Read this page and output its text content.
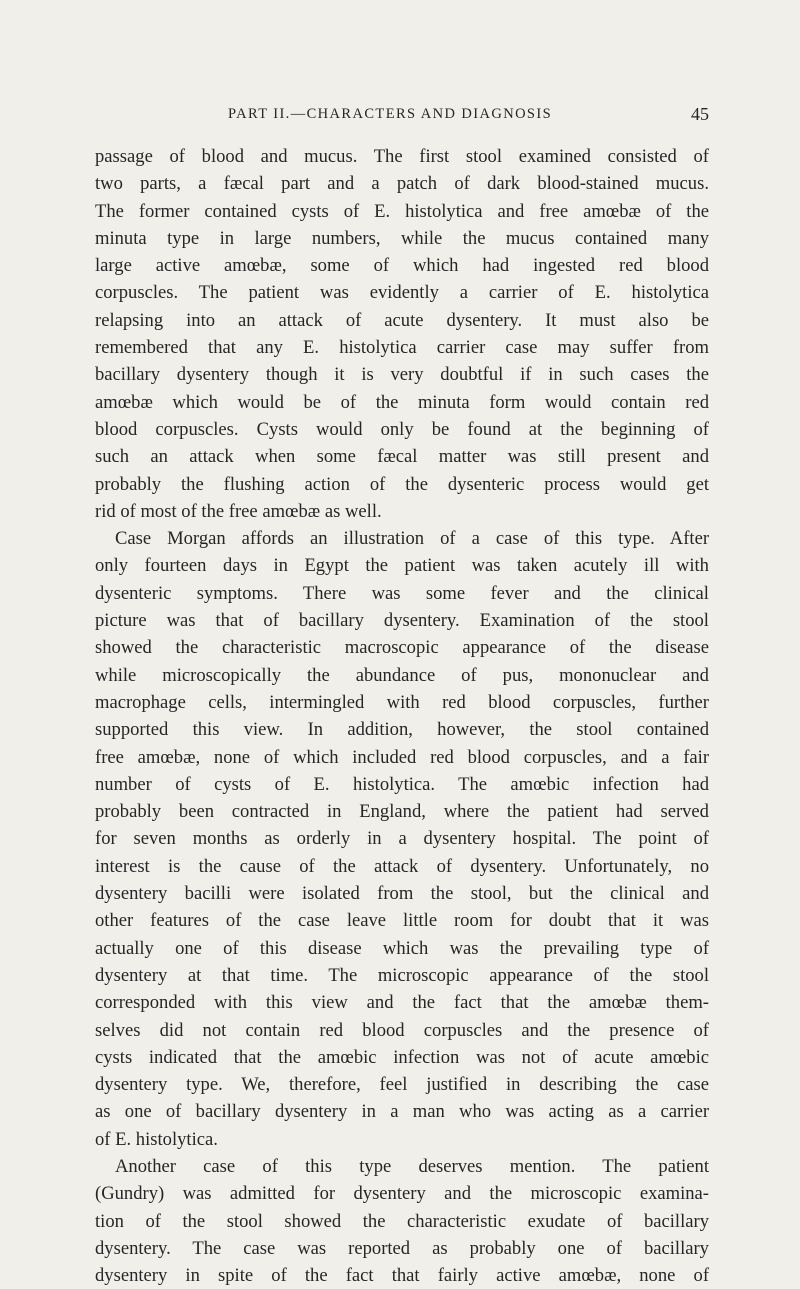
PART II.—CHARACTERS AND DIAGNOSIS	45
passage of blood and mucus. The first stool examined consisted of
two parts, a fæcal part and a patch of dark blood-stained mucus.
The former contained cysts of E. histolytica and free amœbæ of the
minuta type in large numbers, while the mucus contained many
large active amœbæ, some of which had ingested red blood
corpuscles. The patient was evidently a carrier of E. histolytica
relapsing into an attack of acute dysentery. It must also be
remembered that any E. histolytica carrier case may suffer from
bacillary dysentery though it is very doubtful if in such cases the
amœbæ which would be of the minuta form would contain red
blood corpuscles. Cysts would only be found at the beginning of
such an attack when some fæcal matter was still present and
probably the flushing action of the dysenteric process would get
rid of most of the free amœbæ as well.
Case Morgan affords an illustration of a case of this type. After
only fourteen days in Egypt the patient was taken acutely ill with
dysenteric symptoms. There was some fever and the clinical
picture was that of bacillary dysentery. Examination of the stool
showed the characteristic macroscopic appearance of the disease
while microscopically the abundance of pus, mononuclear and
macrophage cells, intermingled with red blood corpuscles, further
supported this view. In addition, however, the stool contained
free amœbæ, none of which included red blood corpuscles, and a fair
number of cysts of E. histolytica. The amœbic infection had
probably been contracted in England, where the patient had served
for seven months as orderly in a dysentery hospital. The point of
interest is the cause of the attack of dysentery. Unfortunately, no
dysentery bacilli were isolated from the stool, but the clinical and
other features of the case leave little room for doubt that it was
actually one of this disease which was the prevailing type of
dysentery at that time. The microscopic appearance of the stool
corresponded with this view and the fact that the amœbæ them-
selves did not contain red blood corpuscles and the presence of
cysts indicated that the amœbic infection was not of acute amœbic
dysentery type. We, therefore, feel justified in describing the case
as one of bacillary dysentery in a man who was acting as a carrier
of E. histolytica.
Another case of this type deserves mention. The patient
(Gundry) was admitted for dysentery and the microscopic examina-
tion of the stool showed the characteristic exudate of bacillary
dysentery. The case was reported as probably one of bacillary
dysentery in spite of the fact that fairly active amœbæ, none of
